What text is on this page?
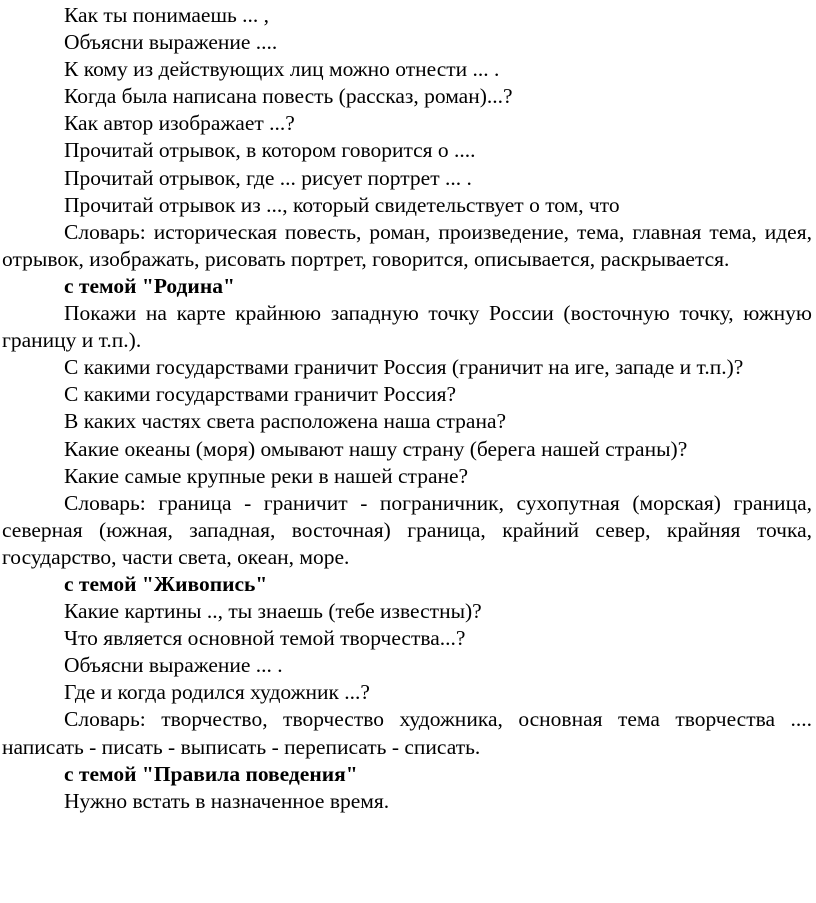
Как ты понимаешь ... ,

Объясни выражение ....

К кому из действующих лиц можно отнести ... .

Когда была написана повесть (рассказ, роман)...?

Как автор изображает ...?

Прочитай отрывок, в котором говорится о ....

Прочитай отрывок, где ... рисует портрет ... .

Прочитай отрывок из ..., который свидетельствует о том, что

Словарь: историческая повесть, роман, произведение, тема, главная тема, идея, отрывок, изображать, рисовать портрет, говорится, описывается, раскрывается.

с темой "Родина"

Покажи на карте крайнюю западную точку России (восточную точку, южную границу и т.п.).

С какими государствами граничит Россия (граничит на иге, западе и т.п.)?

С какими государствами граничит Россия?

В каких частях света расположена наша страна?

Какие океаны (моря) омывают нашу страну (берега нашей страны)?

Какие самые крупные реки в нашей стране?

Словарь: граница - граничит - пограничник, сухопутная (морская) граница, северная (южная, западная, восточная) граница, крайний север, крайняя точка, государство, части света, океан, море.

с темой "Живопись"

Какие картины .., ты знаешь (тебе известны)?

Что является основной темой творчества...?

Объясни выражение ... .

Где и когда родился художник ...?

Словарь: творчество, творчество художника, основная тема творчества .... написать - писать - выписать - переписать - списать.

с темой "Правила поведения"

Нужно встать в назначенное время.
